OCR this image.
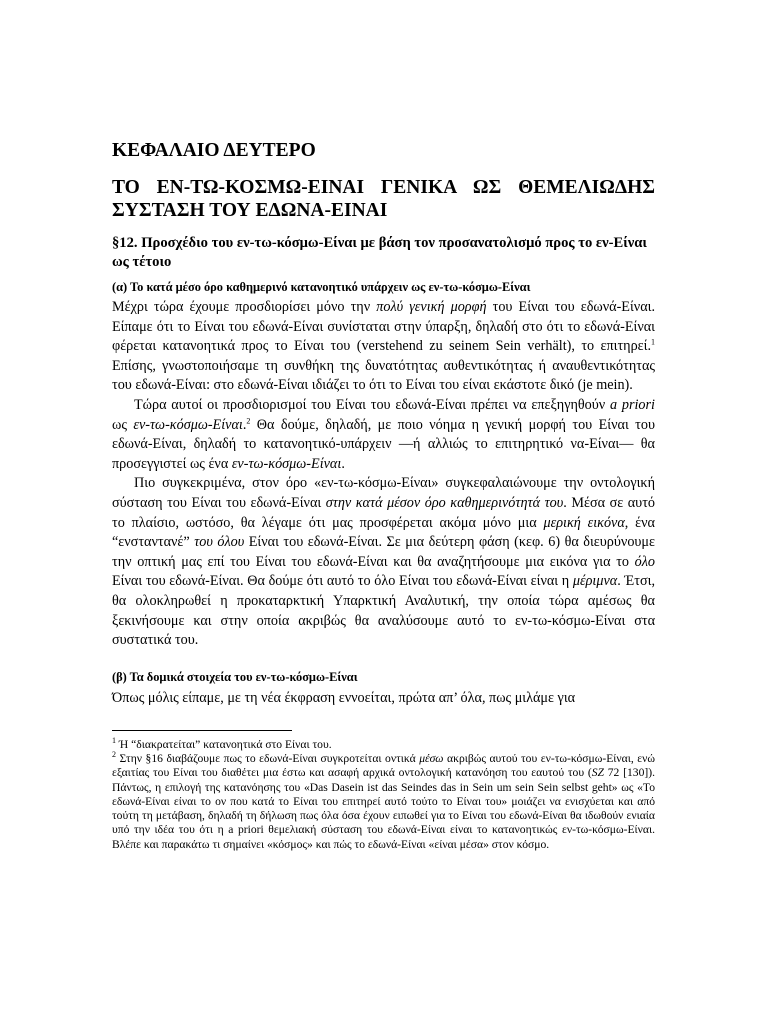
ΚΕΦΑΛΑΙΟ ΔΕΥΤΕΡΟ
ΤΟ ΕΝ-ΤΩ-ΚΟΣΜΩ-ΕΙΝΑΙ ΓΕΝΙΚΑ ΩΣ ΘΕΜΕΛΙΩΔΗΣ
ΣΥΣΤΑΣΗ ΤΟΥ ΕΔΩΝΑ-ΕΙΝΑΙ
§12. Προσχέδιο του εν-τω-κόσμω-Είναι με βάση τον προσανατολισμό προς το εν-Είναι ως τέτοιο
(α) Το κατά μέσο όρο καθημερινό κατανοητικό υπάρχειν ως εν-τω-κόσμω-Είναι

Μέχρι τώρα έχουμε προσδιορίσει μόνο την πολύ γενική μορφή του Είναι του εδωνά-Είναι. Είπαμε ότι το Είναι του εδωνά-Είναι συνίσταται στην ύπαρξη, δηλαδή στο ότι το εδωνά-Είναι φέρεται κατανοητικά προς το Είναι του (verstehend zu seinem Sein verhält), το επιτηρεί.$^1$ Επίσης, γνωστοποιήσαμε τη συνθήκη της δυνατότητας αυθεντικότητας ή αναυθεντικότητας του εδωνά-Είναι: στο εδωνά-Είναι ιδιάζει το ότι το Είναι του είναι εκάστοτε δικό (je mein).

Τώρα αυτοί οι προσδιορισμοί του Είναι του εδωνά-Είναι πρέπει να επεξηγηθούν a priori ως εν-τω-κόσμω-Είναι.$^2$ Θα δούμε, δηλαδή, με ποιο νόημα η γενική μορφή του Είναι του εδωνά-Είναι, δηλαδή το κατανοητικό-υπάρχειν —ή αλλιώς το επιτηρητικό να-Είναι— θα προσεγγιστεί ως ένα εν-τω-κόσμω-Είναι.

Πιο συγκεκριμένα, στον όρο «εν-τω-κόσμω-Είναι» συγκεφαλαιώνουμε την οντολογική σύσταση του Είναι του εδωνά-Είναι στην κατά μέσον όρο καθημερινότητά του. Μέσα σε αυτό το πλαίσιο, ωστόσο, θα λέγαμε ότι μας προσφέρεται ακόμα μόνο μια μερική εικόνα, ένα “ενσταντανέ” του όλου Είναι του εδωνά-Είναι. Σε μια δεύτερη φάση (κεφ. 6) θα διευρύνουμε την οπτική μας επί του Είναι του εδωνά-Είναι και θα αναζητήσουμε μια εικόνα για το όλο Είναι του εδωνά-Είναι. Θα δούμε ότι αυτό το όλο Είναι του εδωνά-Είναι είναι η μέριμνα. Έτσι, θα ολοκληρωθεί η προκαταρκτική Υπαρκτική Αναλυτική, την οποία τώρα αμέσως θα ξεκινήσουμε και στην οποία ακριβώς θα αναλύσουμε αυτό το εν-τω-κόσμω-Είναι στα συστατικά του.

(β) Τα δομικά στοιχεία του εν-τω-κόσμω-Είναι

Όπως μόλις είπαμε, με τη νέα έκφραση εννοείται, πρώτα απ’ όλα, πως μιλάμε για

$^1$ Ή “διακρατείται” κατανοητικά στο Είναι του.
$^2$ Στην §16 διαβάζουμε πως το εδωνά-Είναι συγκροτείται οντικά μέσω ακριβώς αυτού του εν-τω-κόσμω-Είναι, ενώ εξαιτίας του Είναι του διαθέτει μια έστω και ασαφή αρχικά οντολογική κατανόηση του εαυτού του (SZ 72 [130]). Πάντως, η επιλογή της κατανόησης του «Das Dasein ist das Seindes das in Sein um sein Sein selbst geht» ως «Το εδωνά-Είναι είναι το ον που κατά το Είναι του επιτηρεί αυτό τούτο το Είναι του» μοιάζει να ενισχύεται και από τούτη τη μετάβαση, δηλαδή τη δήλωση πως όλα όσα έχουν ειπωθεί για το Είναι του εδωνά-Είναι θα ιδωθούν ενιαία υπό την ιδέα του ότι η a priori θεμελιακή σύσταση του εδωνά-Είναι είναι το κατανοητικώς εν-τω-κόσμω-Είναι. Βλέπε και παρακάτω τι σημαίνει «κόσμος» και πώς το εδωνά-Είναι «είναι μέσα» στον κόσμο.
